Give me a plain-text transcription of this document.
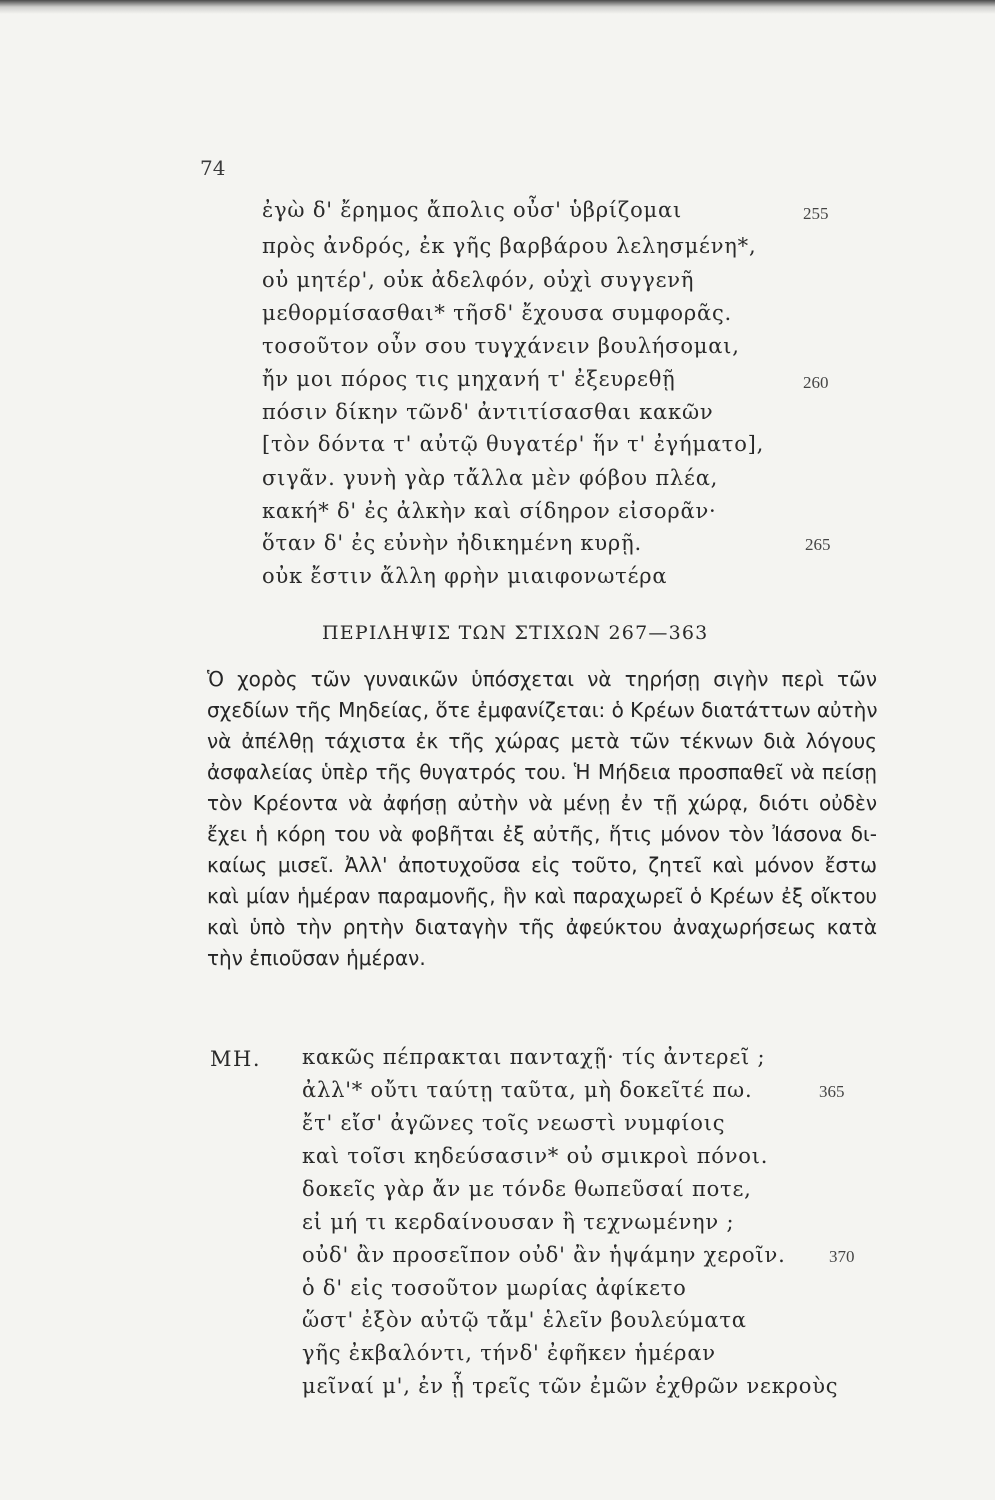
74
ἐγὼ δ' ἔρημος ἄπολις οὖσ' ὑβρίζομαι	255
πρὸς ἀνδρός, ἐκ γῆς βαρβάρου λελησμένη*,
οὐ μητέρ', οὐκ ἀδελφόν, οὐχὶ συγγενῆ
μεθορμίσασθαι* τῆσδ' ἔχουσα συμφορᾶς.
τοσοῦτον οὖν σου τυγχάνειν βουλήσομαι,
ἤν μοι πόρος τις μηχανή τ' ἐξευρεθῇ	260
πόσιν δίκην τῶνδ' ἀντιτίσασθαι κακῶν
[τὸν δόντα τ' αὐτῷ θυγατέρ' ἥν τ' ἐγήματο],
σιγᾶν. γυνὴ γὰρ τἄλλα μὲν φόβου πλέα,
κακή* δ' ἐς ἀλκὴν καὶ σίδηρον εἰσορᾶν·
ὅταν δ' ἐς εὐνὴν ἠδικημένη κυρῇ.	265
οὐκ ἔστιν ἄλλη φρὴν μιαιφονωτέρα
ΠΕΡΙΛΗΨΙΣ ΤΩΝ ΣΤΙΧΩΝ 267—363
Ὁ χορὸς τῶν γυναικῶν ὑπόσχεται νὰ τηρήσῃ σιγὴν περὶ τῶν
σχεδίων τῆς Μηδείας, ὅτε ἐμφανίζεται: ὁ Κρέων διατάττων αὐτὴν
νὰ ἀπέλθῃ τάχιστα ἐκ τῆς χώρας μετὰ τῶν τέκνων διὰ λόγους
ἀσφαλείας ὑπὲρ τῆς θυγατρός του. Ἡ Μήδεια προσπαθεῖ νὰ πείσῃ
τὸν Κρέοντα νὰ ἀφήσῃ αὐτὴν νὰ μένῃ ἐν τῇ χώρᾳ, διότι οὐδὲν
ἔχει ἡ κόρη του νὰ φοβῆται ἐξ αὐτῆς, ἥτις μόνον τὸν Ἰάσονα δι-
καίως μισεῖ. Ἀλλ' ἀποτυχοῦσα εἰς τοῦτο, ζητεῖ καὶ μόνον ἔστω
καὶ μίαν ἡμέραν παραμονῆς, ἣν καὶ παραχωρεῖ ὁ Κρέων ἐξ οἴκτου
καὶ ὑπὸ τὴν ρητὴν διαταγὴν τῆς ἀφεύκτου ἀναχωρήσεως κατὰ
τὴν ἐπιοῦσαν ἡμέραν.
ΜΗ. κακῶς πέπρακται πανταχῇ· τίς ἀντερεῖ ;
ἀλλ'* οὔτι ταύτῃ ταῦτα, μὴ δοκεῖτέ πω.	365
ἔτ' εἴσ' ἀγῶνες τοῖς νεωστὶ νυμφίοις
καὶ τοῖσι κηδεύσασιν* οὐ σμικροὶ πόνοι.
δοκεῖς γὰρ ἄν με τόνδε θωπεῦσαί ποτε,
εἰ μή τι κερδαίνουσαν ἢ τεχνωμένην ;
οὐδ' ἂν προσεῖπον οὐδ' ἂν ἡψάμην χεροῖν.	370
ὁ δ' εἰς τοσοῦτον μωρίας ἀφίκετο
ὥστ' ἐξὸν αὐτῷ τἄμ' ἑλεῖν βουλεύματα
γῆς ἐκβαλόντι, τήνδ' ἐφῆκεν ἡμέραν
μεῖναί μ', ἐν ᾗ τρεῖς τῶν ἐμῶν ἐχθρῶν νεκροὺς
